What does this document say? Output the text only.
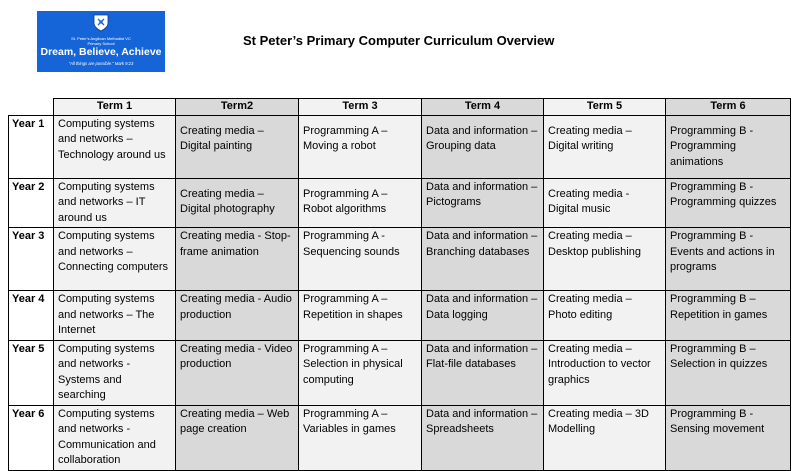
St. Peter's Anglican Methodist VC
Primary School
Dream, Believe, Achieve
"All things are possible." Mark 9:23
St Peter’s Primary Computer Curriculum Overview
	Term 1	Term2	Term 3	Term 4	Term 5	Term 6
Year 1	Computing systems and networks – Technology around us	Creating media – Digital painting	Programming A – Moving a robot	Data and information – Grouping data	Creating media – Digital writing	Programming B - Programming animations
Year 2	Computing systems and networks – IT around us	Creating media – Digital photography	Programming A – Robot algorithms	Data and information – Pictograms	Creating media - Digital music	Programming B - Programming quizzes
Year 3	Computing systems and networks – Connecting computers	Creating media - Stop-frame animation	Programming A - Sequencing sounds	Data and information – Branching databases	Creating media – Desktop publishing	Programming B - Events and actions in programs
Year 4	Computing systems and networks – The Internet	Creating media - Audio production	Programming A – Repetition in shapes	Data and information – Data logging	Creating media – Photo editing	Programming B – Repetition in games
Year 5	Computing systems and networks - Systems and searching	Creating media - Video production	Programming A – Selection in physical computing	Data and information – Flat-file databases	Creating media – Introduction to vector graphics	Programming B – Selection in quizzes
Year 6	Computing systems and networks - Communication and collaboration	Creating media – Web page creation	Programming A – Variables in games	Data and information – Spreadsheets	Creating media – 3D Modelling	Programming B - Sensing movement
